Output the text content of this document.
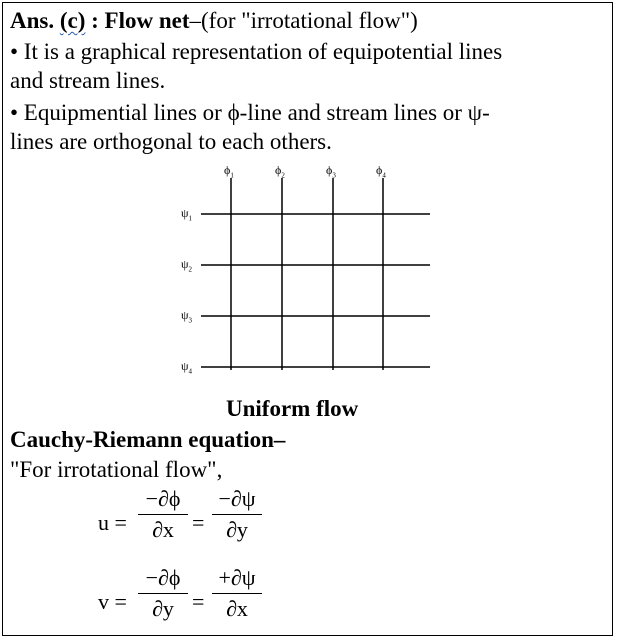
Ans. (c) : Flow net–(for "irrotational flow")
• It is a graphical representation of equipotential lines
and stream lines.
• Equipmential lines or ϕ-line and stream lines or ψ-
lines are orthogonal to each others.
$\phi_1$	$\phi_2$	$\phi_3$	$\phi_4$
$\psi_1$
$\psi_2$
$\psi_3$
$\psi_4$
Uniform flow
Cauchy-Riemann equation–
"For irrotational flow",
u =
−∂ϕ
∂x =
−∂ψ
∂y
v =
−∂ϕ
∂y =
+∂ψ
∂x
